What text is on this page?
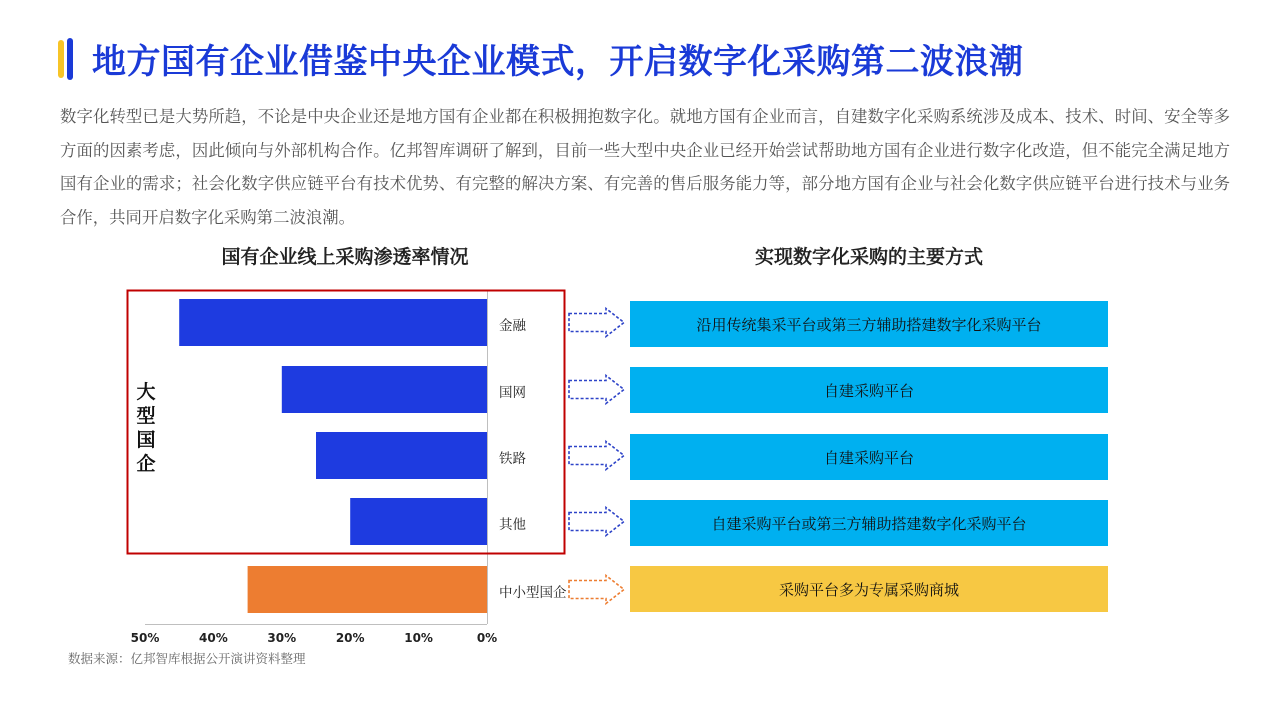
地方国有企业借鉴中央企业模式，开启数字化采购第二波浪潮

数字化转型已是大势所趋，不论是中央企业还是地方国有企业都在积极拥抱数字化。就地方国有企业而言，自建数字化采购系统涉及成本、技术、时间、安全等多方面的因素考虑，因此倾向与外部机构合作。亿邦智库调研了解到，目前一些大型中央企业已经开始尝试帮助地方国有企业进行数字化改造，但不能完全满足地方国有企业的需求；社会化数字供应链平台有技术优势、有完整的解决方案、有完善的售后服务能力等，部分地方国有企业与社会化数字供应链平台进行技术与业务合作，共同开启数字化采购第二波浪潮。

国有企业线上采购渗透率情况	实现数字化采购的主要方式
大
型
国
企
金融
国网
铁路
其他
中小型国企
沿用传统集采平台或第三方辅助搭建数字化采购平台
自建采购平台
自建采购平台
自建采购平台或第三方辅助搭建数字化采购平台
采购平台多为专属采购商城
50%	40%	30%	20%	10%	0%
数据来源：亿邦智库根据公开演讲资料整理
